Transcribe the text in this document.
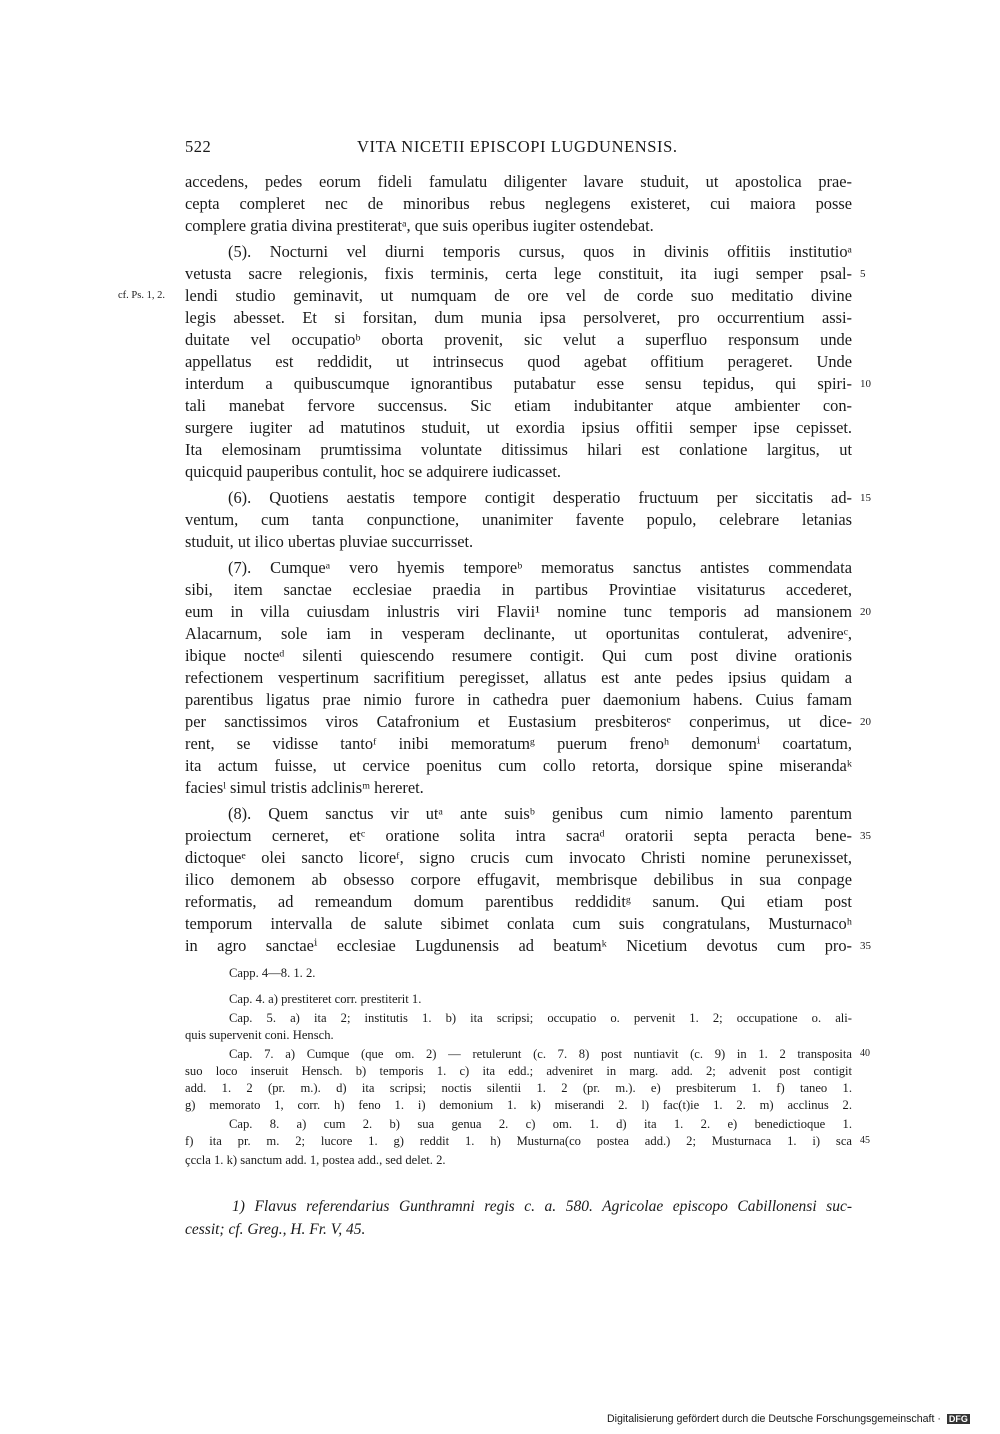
522	VITA NICETII EPISCOPI LUGDUNENSIS.
accedens, pedes eorum fideli famulatu diligenter lavare studuit, ut apostolica prae-
cepta compleret nec de minoribus rebus neglegens existeret, cui maiora posse
complere gratia divina prestiteratᵃ, que suis operibus iugiter ostendebat.
(5). Nocturni vel diurni temporis cursus, quos in divinis offitiis institutioᵃ
vetusta sacre relegionis, fixis terminis, certa lege constituit, ita iugi semper psal-
lendi studio geminavit, ut numquam de ore vel de corde suo meditatio divine
legis abesset. Et si forsitan, dum munia ipsa persolveret, pro occurrentium assi-
duitate vel occupatioᵇ oborta provenit, sic velut a superfluo responsum unde
appellatus est reddidit, ut intrinsecus quod agebat offitium perageret. Unde
interdum a quibuscumque ignorantibus putabatur esse sensu tepidus, qui spiri-
tali manebat fervore succensus. Sic etiam indubitanter atque ambienter con-
surgere iugiter ad matutinos studuit, ut exordia ipsius offitii semper ipse cepisset.
Ita elemosinam prumtissima voluntate ditissimus hilari est conlatione largitus, ut
quicquid pauperibus contulit, hoc se adquirere iudicasset.
(6). Quotiens aestatis tempore contigit desperatio fructuum per siccitatis ad-
ventum, cum tanta conpunctione, unanimiter favente populo, celebrare letanias
studuit, ut ilico ubertas pluviae succurrisset.
(7). Cumqueᵃ vero hyemis temporeᵇ memoratus sanctus antistes commendata
sibi, item sanctae ecclesiae praedia in partibus Provintiae visitaturus accederet,
eum in villa cuiusdam inlustris viri Flavii¹ nomine tunc temporis ad mansionem
Alacarnum, sole iam in vesperam declinante, ut oportunitas contulerat, advenireᶜ,
ibique nocteᵈ silenti quiescendo resumere contigit. Qui cum post divine orationis
refectionem vespertinum sacrifitium peregisset, allatus est ante pedes ipsius quidam a
parentibus ligatus prae nimio furore in cathedra puer daemonium habens. Cuius famam
per sanctissimos viros Catafronium et Eustasium presbiterosᵉ conperimus, ut dice-
rent, se vidisse tantoᶠ inibi memoratumᵍ puerum frenoʰ demonumⁱ coartatum,
ita actum fuisse, ut cervice poenitus cum collo retorta, dorsique spine miserandaᵏ
faciesˡ simul tristis adclinisᵐ hereret.
(8). Quem sanctus vir utᵃ ante suisᵇ genibus cum nimio lamento parentum
proiectum cerneret, etᶜ oratione solita intra sacraᵈ oratorii septa peracta bene-
dictoqueᵉ olei sancto licoreᶠ, signo crucis cum invocato Christi nomine perunexisset,
ilico demonem ab obsesso corpore effugavit, membrisque debilibus in sua conpage
reformatis, ad remeandum domum parentibus reddiditᵍ sanum. Qui etiam post
temporum intervalla de salute sibimet conlata cum suis congratulans, Musturnacoʰ
in agro sanctaeⁱ ecclesiae Lugdunensis ad beatumᵏ Nicetium devotus cum pro-
cf. Ps. 1, 2.
5
10
15
20
20
35
35
Capp. 4—8. 1. 2.
Cap. 4. a) prestiteret corr. prestiterit 1.
Cap. 5. a) ita 2; institutis 1. b) ita scripsi; occupatio o. pervenit 1. 2; occupatione o. ali-
quis supervenit coni. Hensch.
Cap. 7. a) Cumque (que om. 2) — retulerunt (c. 7. 8) post nuntiavit (c. 9) in 1. 2 transposita
suo loco inseruit Hensch. b) temporis 1. c) ita edd.; adveniret in marg. add. 2; advenit post contigit
add. 1. 2 (pr. m.). d) ita scripsi; noctis silentii 1. 2 (pr. m.). e) presbiterum 1. f) taneo 1.
g) memorato 1, corr. h) feno 1. i) demonium 1. k) miserandi 2. l) fac(t)ie 1. 2. m) acclinus 2.
Cap. 8. a) cum 2. b) sua genua 2. c) om. 1. d) ita 1. 2. e) benedictioque 1.
f) ita pr. m. 2; lucore 1. g) reddit 1. h) Musturna(co postea add.) 2; Musturnaca 1. i) sca
çccla 1. k) sanctum add. 1, postea add., sed delet. 2.
40
45
1) Flavus referendarius Gunthramni regis c. a. 580. Agricolae episcopo Cabillonensi suc-
cessit; cf. Greg., H. Fr. V, 45.
Digitalisierung gefördert durch die Deutsche Forschungsgemeinschaft · DFG
